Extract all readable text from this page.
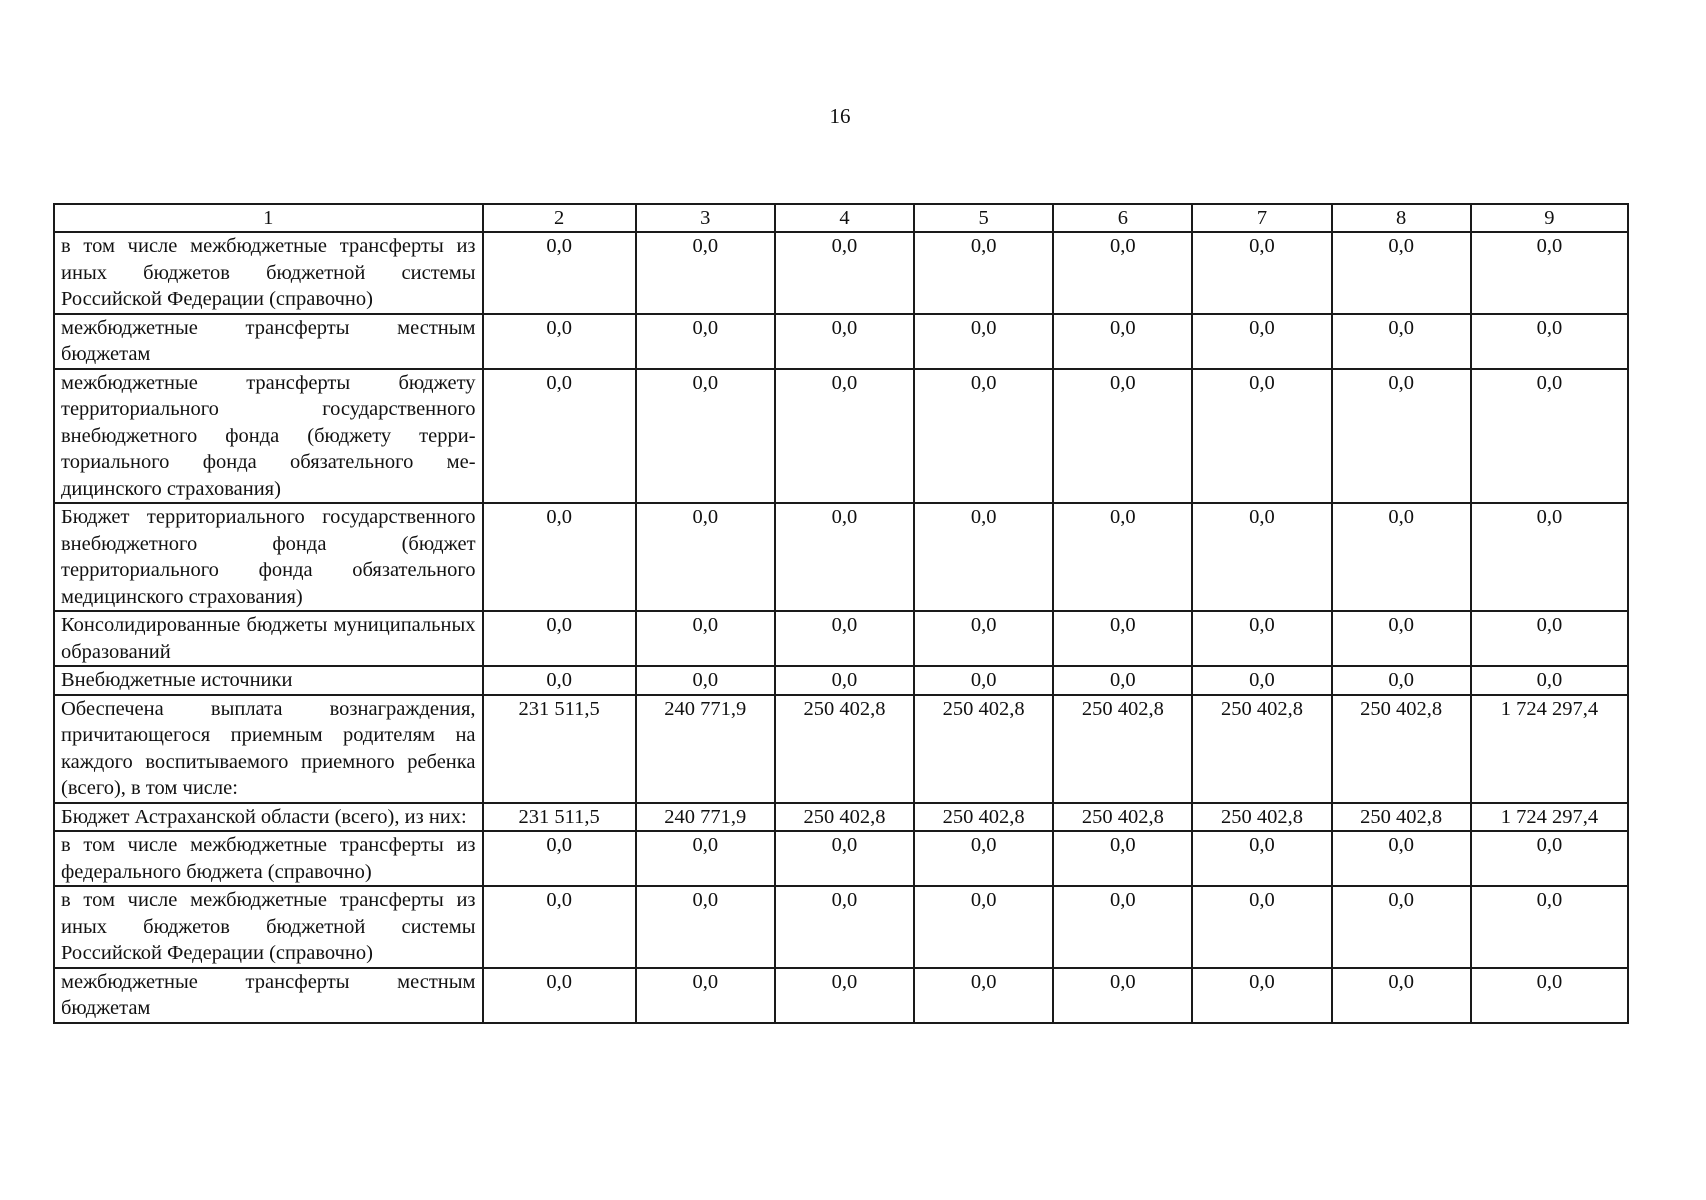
16
1	2	3	4	5	6	7	8	9
в том числе межбюджетные трансферты из иных бюджетов бюджетной системы Российской Федерации (справочно)	0,0	0,0	0,0	0,0	0,0	0,0	0,0	0,0
межбюджетные трансферты местным бюджетам	0,0	0,0	0,0	0,0	0,0	0,0	0,0	0,0
межбюджетные трансферты бюджету территориального государственного внебюджетного фонда (бюджету территориального фонда обязательного медицинского страхования)	0,0	0,0	0,0	0,0	0,0	0,0	0,0	0,0
Бюджет территориального государственного внебюджетного фонда (бюджет территориального фонда обязательного медицинского страхования)	0,0	0,0	0,0	0,0	0,0	0,0	0,0	0,0
Консолидированные бюджеты муниципальных образований	0,0	0,0	0,0	0,0	0,0	0,0	0,0	0,0
Внебюджетные источники	0,0	0,0	0,0	0,0	0,0	0,0	0,0	0,0
Обеспечена выплата вознаграждения, причитающегося приемным родителям на каждого воспитываемого приемного ребенка (всего), в том числе:	231 511,5	240 771,9	250 402,8	250 402,8	250 402,8	250 402,8	250 402,8	1 724 297,4
Бюджет Астраханской области (всего), из них:	231 511,5	240 771,9	250 402,8	250 402,8	250 402,8	250 402,8	250 402,8	1 724 297,4
в том числе межбюджетные трансферты из федерального бюджета (справочно)	0,0	0,0	0,0	0,0	0,0	0,0	0,0	0,0
в том числе межбюджетные трансферты из иных бюджетов бюджетной системы Российской Федерации (справочно)	0,0	0,0	0,0	0,0	0,0	0,0	0,0	0,0
межбюджетные трансферты местным бюджетам	0,0	0,0	0,0	0,0	0,0	0,0	0,0	0,0
